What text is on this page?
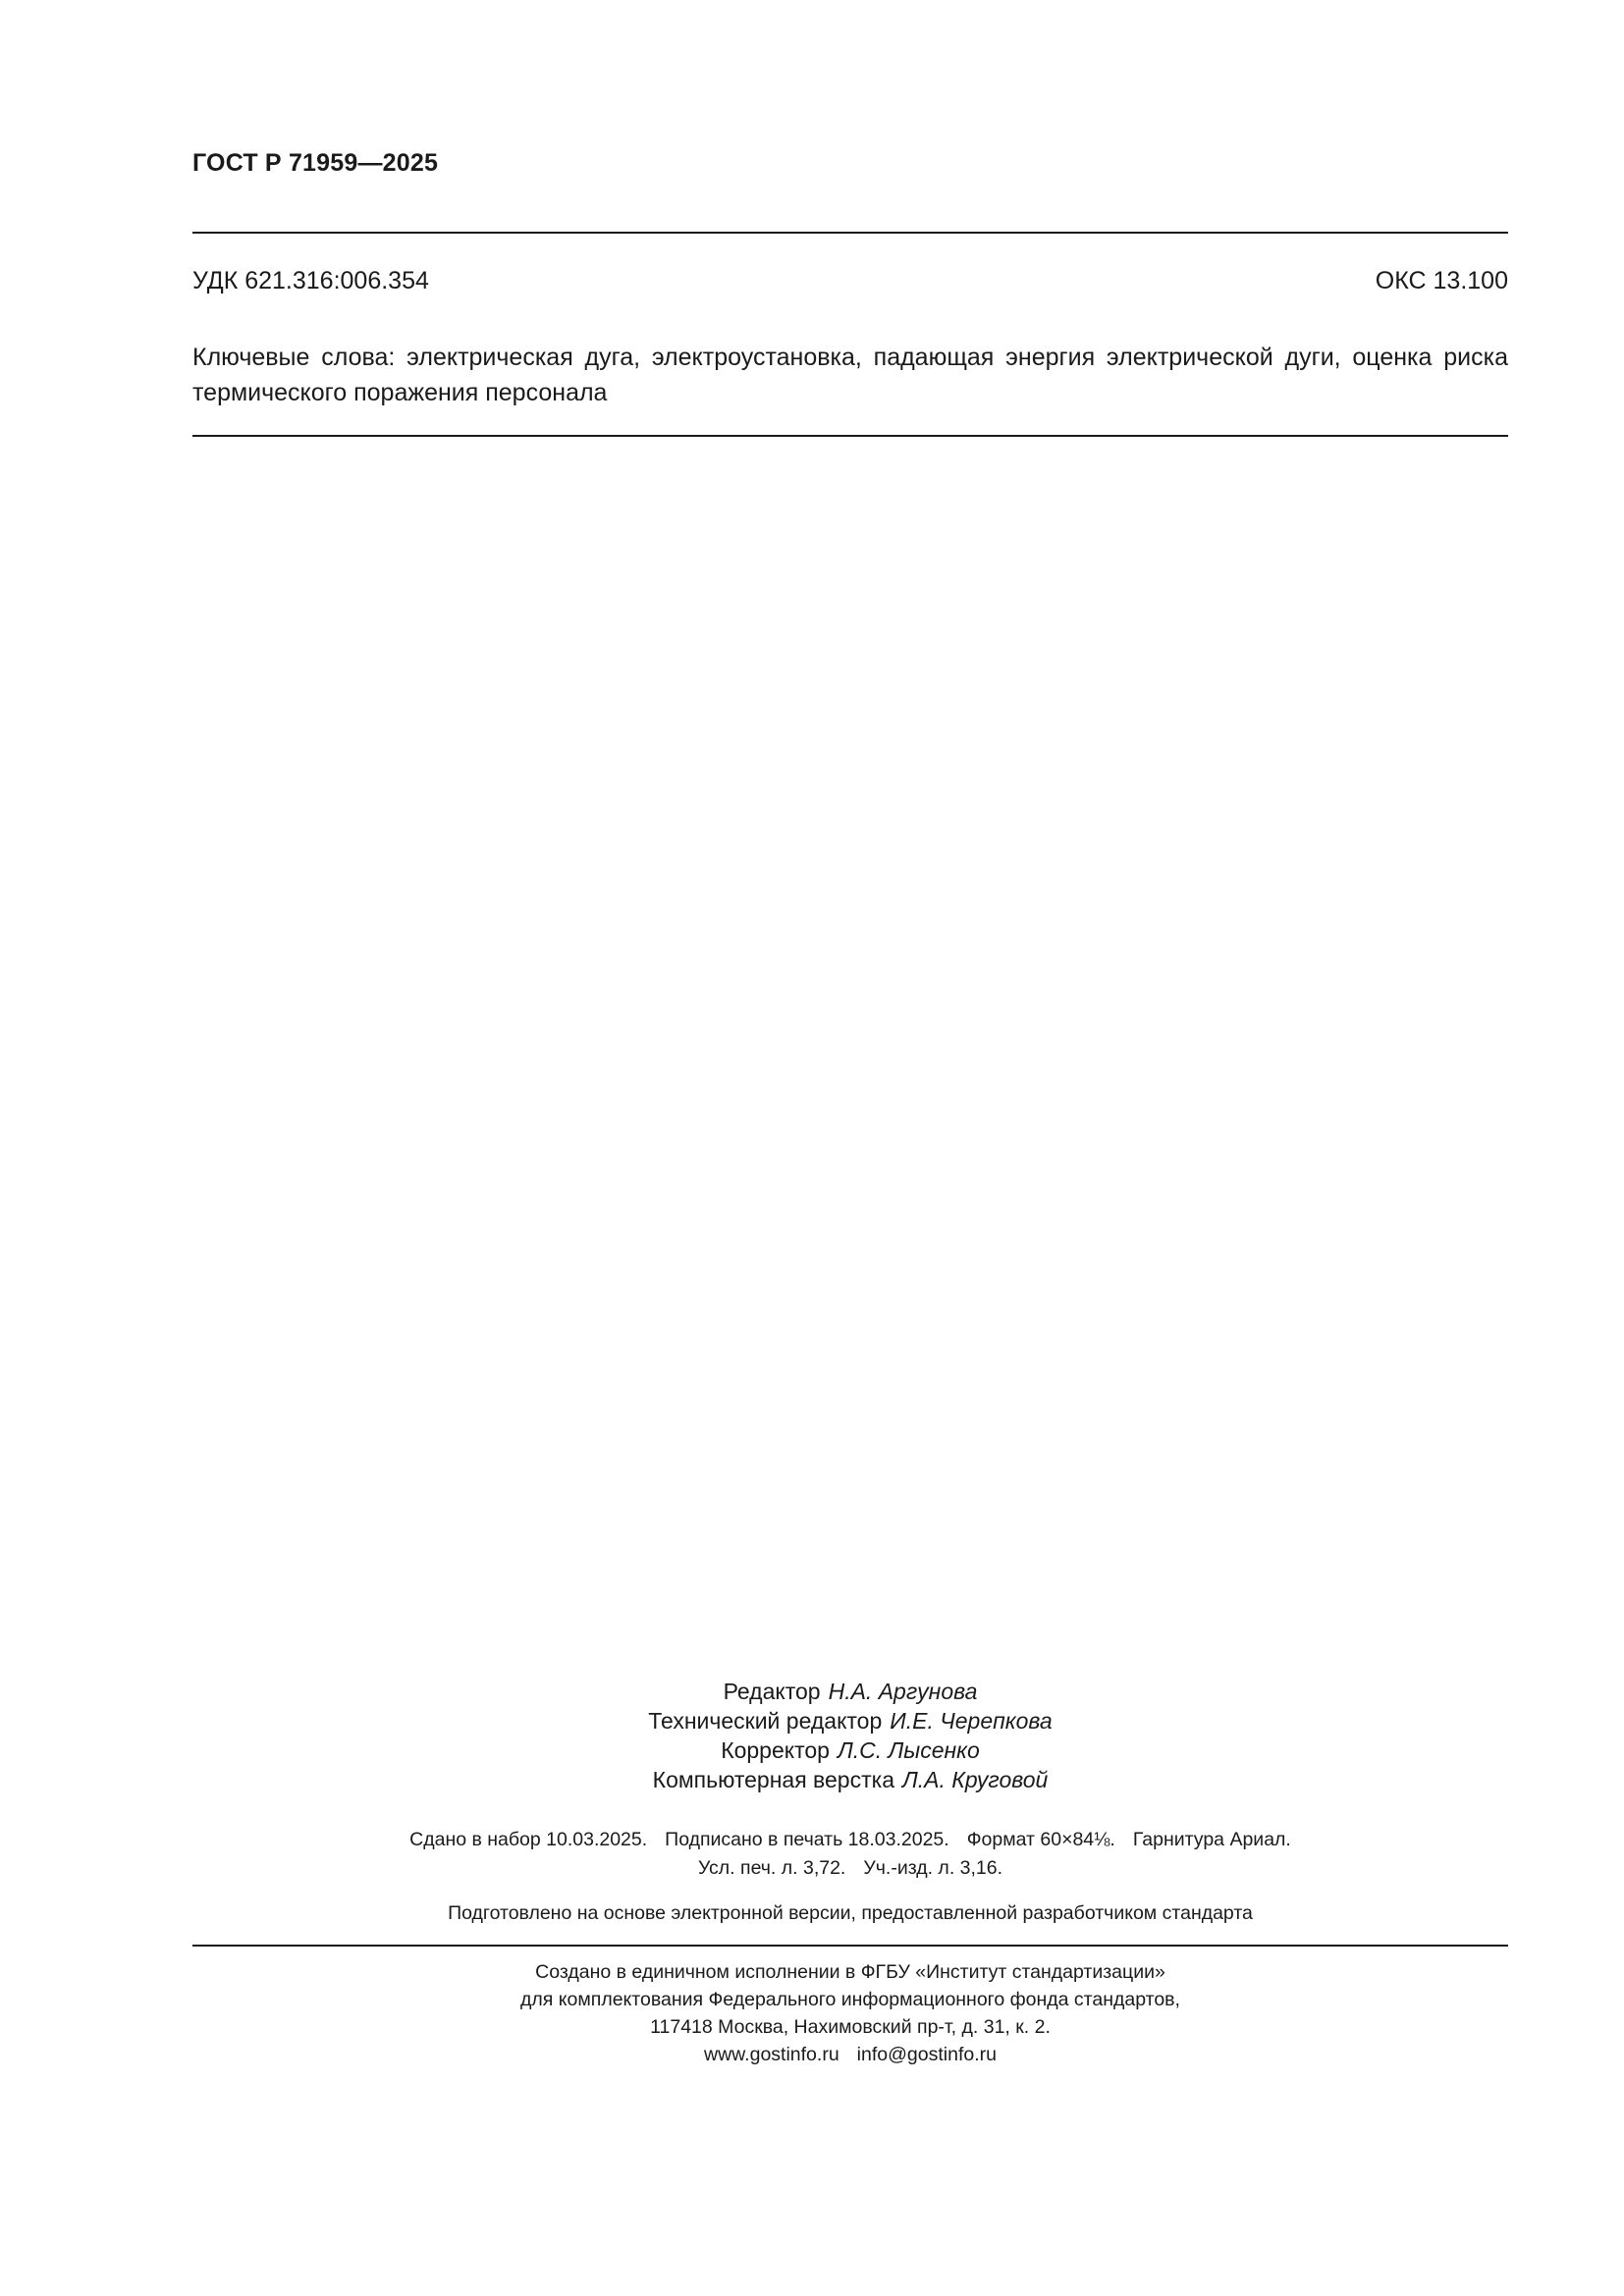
ГОСТ Р 71959—2025
УДК 621.316:006.354	ОКС 13.100
Ключевые слова: электрическая дуга, электроустановка, падающая энергия электрической дуги, оценка риска термического поражения персонала
Редактор Н.А. Аргунова
Технический редактор И.Е. Черепкова
Корректор Л.С. Лысенко
Компьютерная верстка Л.А. Круговой
Сдано в набор 10.03.2025. Подписано в печать 18.03.2025. Формат 60×84⅛. Гарнитура Ариал.
Усл. печ. л. 3,72. Уч.-изд. л. 3,16.
Подготовлено на основе электронной версии, предоставленной разработчиком стандарта
Создано в единичном исполнении в ФГБУ «Институт стандартизации»
для комплектования Федерального информационного фонда стандартов,
117418 Москва, Нахимовский пр-т, д. 31, к. 2.
www.gostinfo.ru info@gostinfo.ru
